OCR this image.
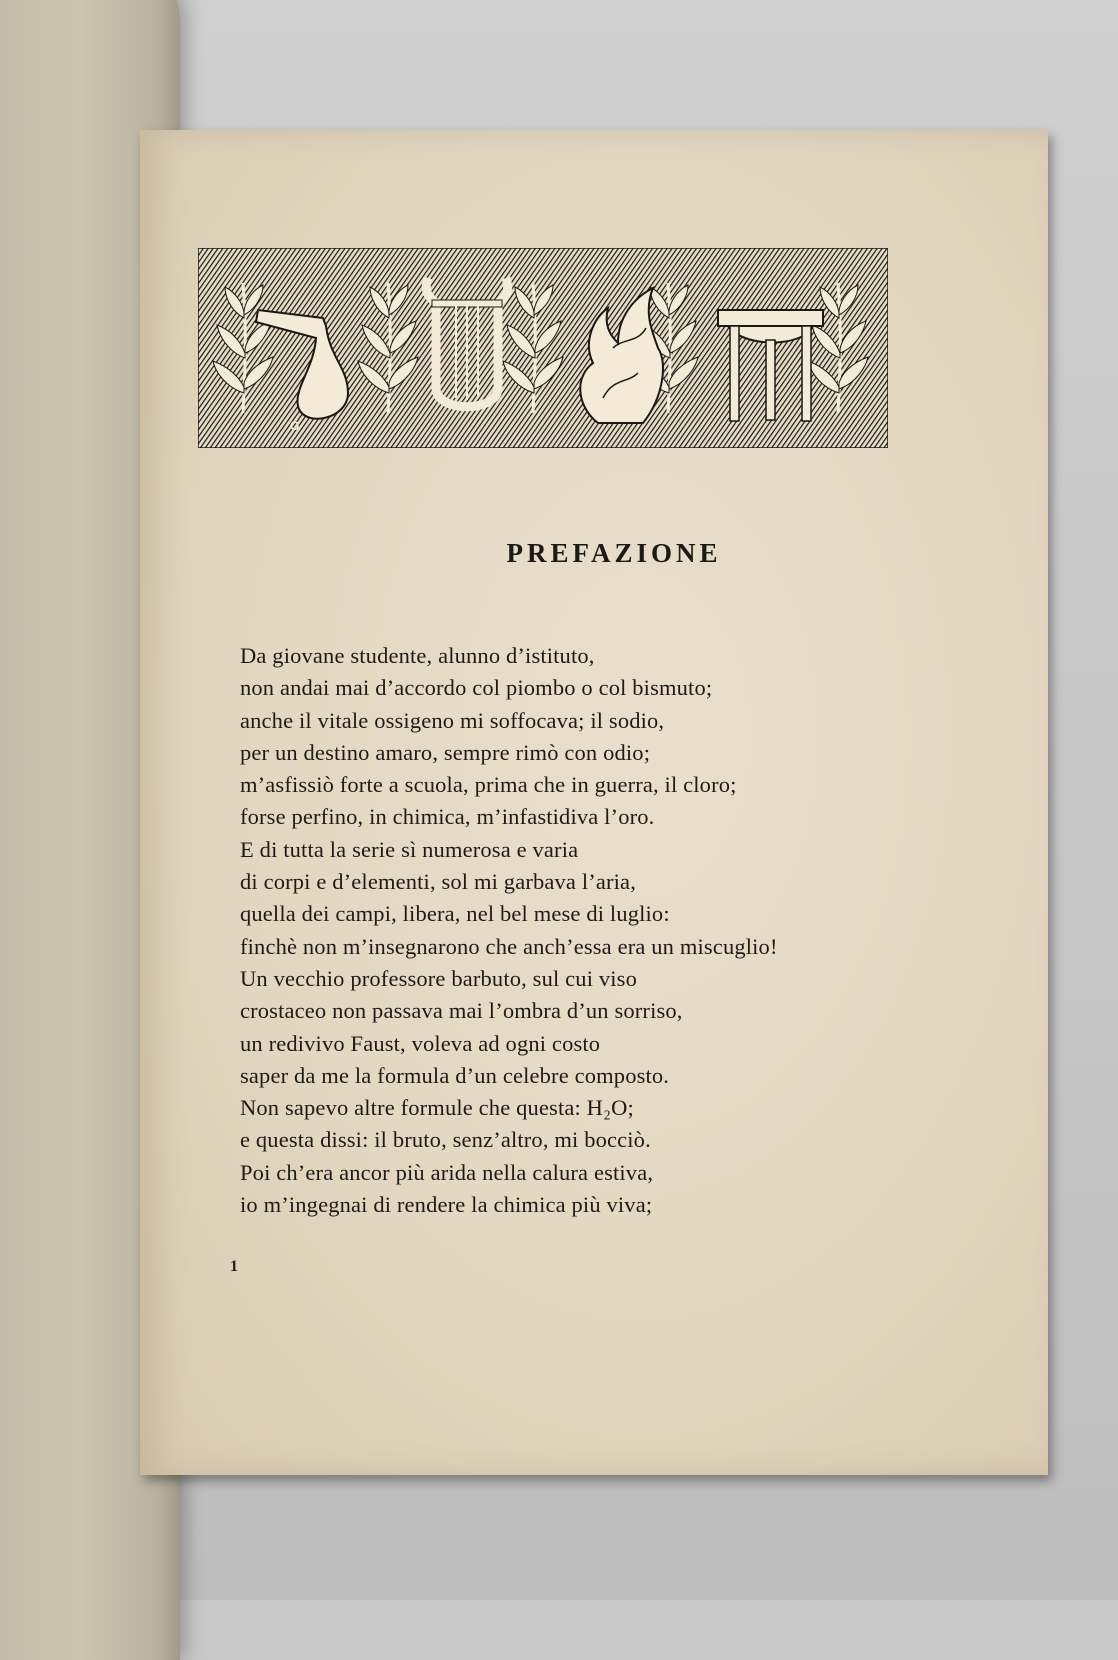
G
PREFAZIONE
Da giovane studente, alunno d’istituto,
non andai mai d’accordo col piombo o col bismuto;
anche il vitale ossigeno mi soffocava; il sodio,
per un destino amaro, sempre rimò con odio;
m’asfissiò forte a scuola, prima che in guerra, il cloro;
forse perfino, in chimica, m’infastidiva l’oro.
E di tutta la serie sì numerosa e varia
di corpi e d’elementi, sol mi garbava l’aria,
quella dei campi, libera, nel bel mese di luglio:
finchè non m’insegnarono che anch’essa era un miscuglio!
Un vecchio professore barbuto, sul cui viso
crostaceo non passava mai l’ombra d’un sorriso,
un redivivo Faust, voleva ad ogni costo
saper da me la formula d’un celebre composto.
Non sapevo altre formule che questa: H₂O;
e questa dissi: il bruto, senz’altro, mi bocciò.
Poi ch’era ancor più arida nella calura estiva,
io m’ingegnai di rendere la chimica più viva;
1
